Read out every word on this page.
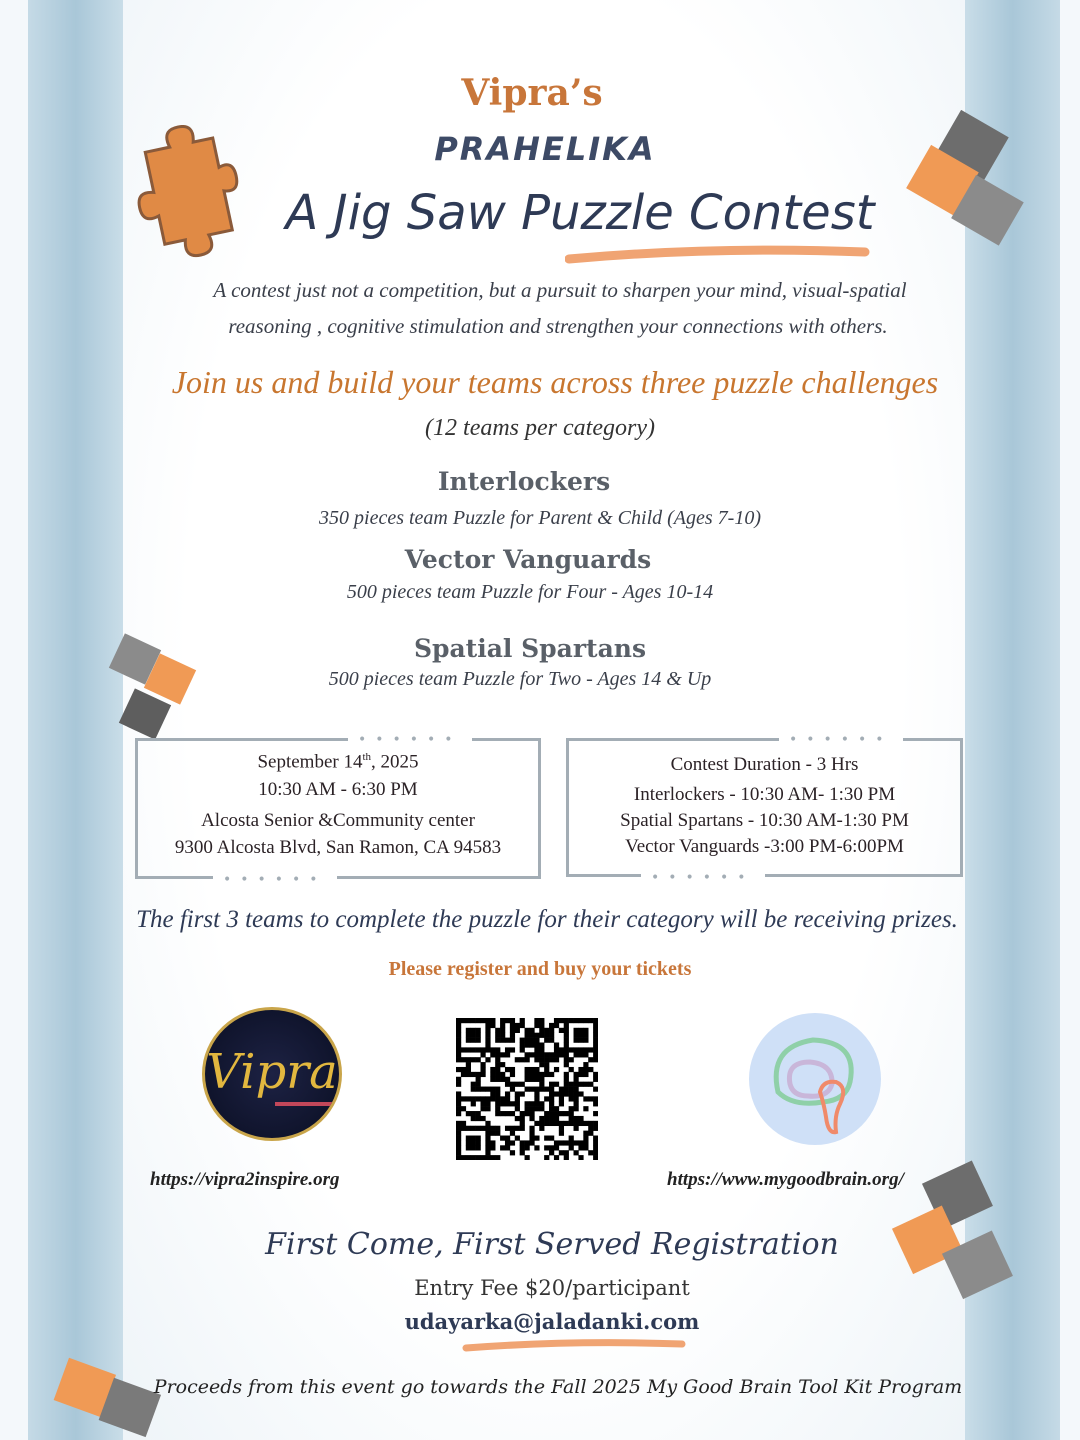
Vipra’s
PRAHELIKA
A Jig Saw Puzzle Contest
A contest just not a competition, but a pursuit to sharpen your mind, visual-spatial
reasoning , cognitive stimulation and strengthen your connections with others.
Join us and build your teams across three puzzle challenges
(12 teams per category)
Interlockers
350 pieces team Puzzle for Parent & Child (Ages 7-10)
Vector Vanguards
500 pieces team Puzzle for Four - Ages 10-14
Spatial Spartans
500 pieces team Puzzle for Two - Ages 14 & Up
••••••
••••••
September 14th, 2025
10:30 AM - 6:30 PM
Alcosta Senior &Community center
9300 Alcosta Blvd, San Ramon, CA 94583
••••••
••••••
Contest Duration - 3 Hrs
Interlockers - 10:30 AM- 1:30 PM
Spatial Spartans - 10:30 AM-1:30 PM
Vector Vanguards -3:00 PM-6:00PM
The first 3 teams to complete the puzzle for their category will be receiving prizes.
Please register and buy your tickets
Vipra
https://vipra2inspire.org	https://www.mygoodbrain.org/
First Come, First Served Registration
Entry Fee $20/participant
udayarka@jaladanki.com
Proceeds from this event go towards the Fall 2025 My Good Brain Tool Kit Program
